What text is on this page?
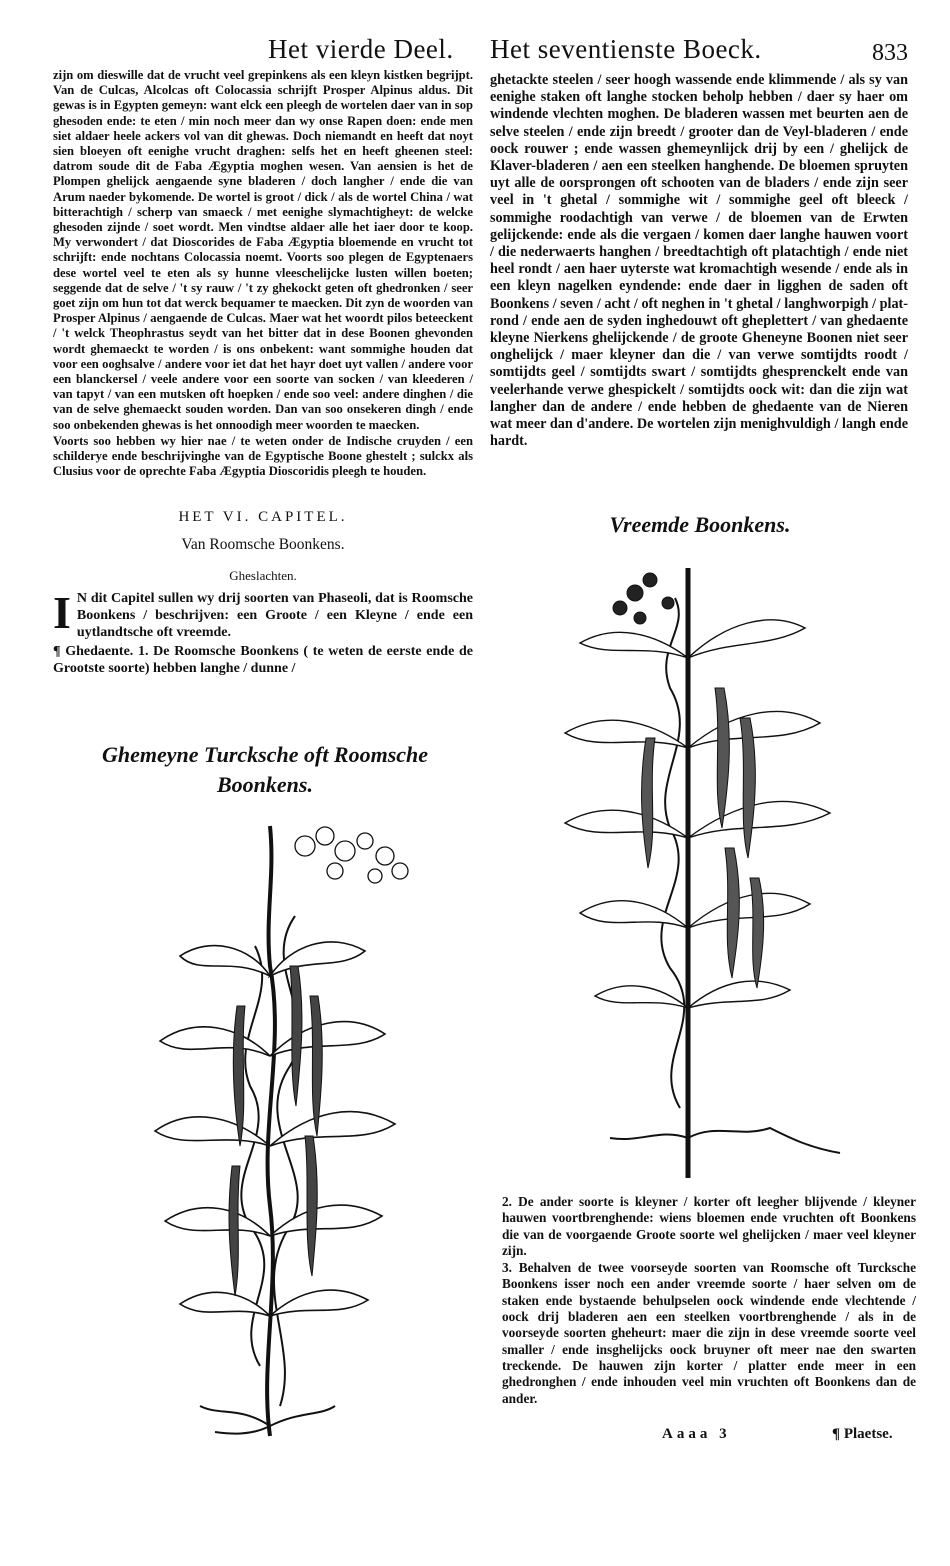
Het vierde Deel. Het seventienste Boeck.	833

zijn om dieswille dat de vrucht veel grepinkens als een kleyn kistken begrijpt. Van de Culcas, Alcolcas oft Colocassia schrijft Prosper Alpinus aldus. Dit gewas is in Egypten gemeyn: want elck een pleegh de wortelen daer van in sop ghesoden ende: te eten / min noch meer dan wy onse Rapen doen: ende men siet aldaer heele ackers vol van dit ghewas. Doch niemandt en heeft dat noyt sien bloeyen oft eenighe vrucht draghen: selfs het en heeft gheenen steel: datrom soude dit de Faba Ægyptia moghen wesen. Van aensien is het de Plompen ghelijck aengaende syne bladeren / doch langher / ende die van Arum naeder bykomende. De wortel is groot / dick / als de wortel China / wat bitterachtigh / scherp van smaeck / met eenighe slymachtigheyt: de welcke ghesoden zijnde / soet wordt. Men vindtse aldaer alle het iaer door te koop. My verwondert / dat Dioscorides de Faba Ægyptia bloemende en vrucht tot schrijft: ende nochtans Colocassia noemt. Voorts soo plegen de Egyptenaers dese wortel veel te eten als sy hunne vleeschelijcke lusten willen boeten; seggende dat de selve / 't sy rauw / 't zy ghekockt geten oft ghedronken / seer goet zijn om hun tot dat werck bequamer te maecken. Dit zyn de woorden van Prosper Alpinus / aengaende de Culcas. Maer wat het woordt pilos beteeckent / 't welck Theophrastus seydt van het bitter dat in dese Boonen ghevonden wordt ghemaeckt te worden / is ons onbekent: want sommighe houden dat voor een ooghsalve / andere voor iet dat het hayr doet uyt vallen / andere voor een blanckersel / veele andere voor een soorte van socken / van kleederen / van tapyt / van een mutsken oft hoepken / ende soo veel: andere dinghen / die van de selve ghemaeckt souden worden. Dan van soo onsekeren dingh / ende soo onbekenden ghewas is het onnoodigh meer woorden te maecken.

Voorts soo hebben wy hier nae / te weten onder de Indische cruyden / een schilderye ende beschrijvinghe van de Egyptische Boone ghestelt ; sulckx als Clusius voor de oprechte Faba Ægyptia Dioscoridis pleegh te houden.

HET VI. CAPITEL.
Van Roomsche Boonkens.
Gheslachten.
I N dit Capitel sullen wy drij soorten van Phaseoli, dat is Roomsche Boonkens / beschrijven: een Groote / een Kleyne / ende een uytlandtsche oft vreemde.

¶ Ghedaente. 1. De Roomsche Boonkens ( te weten de eerste ende de Grootste soorte) hebben langhe / dunne /

Ghemeyne Turcksche oft Roomsche Boonkens.

ghetackte steelen / seer hoogh wassende ende klimmende / als sy van eenighe staken oft langhe stocken beholp hebben / daer sy haer om windende vlechten moghen. De bladeren wassen met beurten aen de selve steelen / ende zijn breedt / grooter dan de Veyl-bladeren / ende oock rouwer ; ende wassen ghemeynlijck drij by een / ghelijck de Klaver-bladeren / aen een steelken hanghende. De bloemen spruyten uyt alle de oorsprongen oft schooten van de bladers / ende zijn seer veel in 't ghetal / sommighe wit / sommighe geel oft bleeck / sommighe roodachtigh van verwe / de bloemen van de Erwten gelijckende: ende als die vergaen / komen daer langhe hauwen voort / die nederwaerts hanghen / breedtachtigh oft platachtigh / ende niet heel rondt / aen haer uyterste wat kromachtigh wesende / ende als in een kleyn nagelken eyndende: ende daer in ligghen de saden oft Boonkens / seven / acht / oft neghen in 't ghetal / langhworpigh / plat-rond / ende aen de syden inghedouwt oft gheplettert / van ghedaente kleyne Nierkens ghelijckende / de groote Gheneyne Boonen niet seer onghelijck / maer kleyner dan die / van verwe somtijdts roodt / somtijdts geel / somtijdts swart / somtijdts ghesprenckelt ende van veelerhande verwe ghespickelt / somtijdts oock wit: dan die zijn wat langher dan de andere / ende hebben de ghedaente van de Nieren wat meer dan d'andere. De wortelen zijn menighvuldigh / langh ende hardt.

Vreemde Boonkens.

2. De ander soorte is kleyner / korter oft leegher blijvende / kleyner hauwen voortbrenghende: wiens bloemen ende vruchten oft Boonkens die van de voorgaende Groote soorte wel ghelijcken / maer veel kleyner zijn.

3. Behalven de twee voorseyde soorten van Roomsche oft Turcksche Boonkens isser noch een ander vreemde soorte / haer selven om de staken ende bystaende behulpselen oock windende ende vlechtende / oock drij bladeren aen een steelken voortbrenghende / als in de voorseyde soorten gheheurt: maer die zijn in dese vreemde soorte veel smaller / ende insghelijcks oock bruyner oft meer nae den swarten treckende. De hauwen zijn korter / platter ende meer in een ghedronghen / ende inhouden veel min vruchten oft Boonkens dan de ander.

Aaaa 3	¶ Plaetse.
